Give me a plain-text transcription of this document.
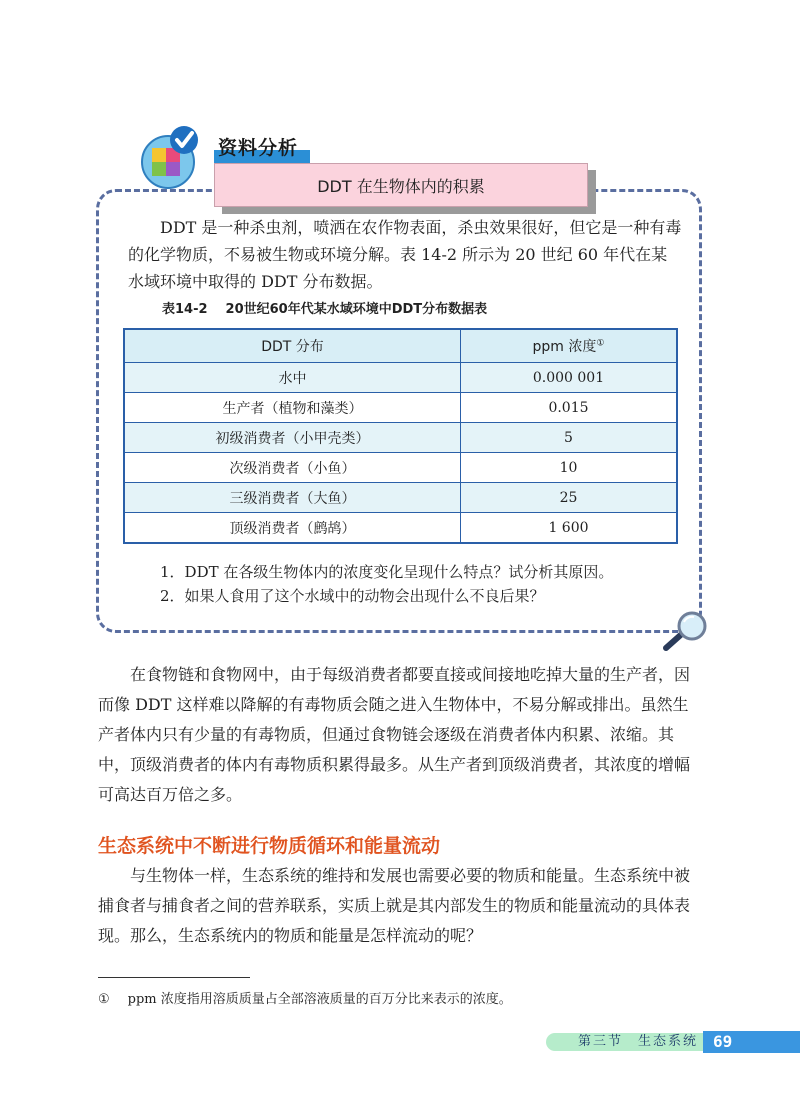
资料分析
DDT 在生物体内的积累

DDT 是一种杀虫剂，喷洒在农作物表面，杀虫效果很好，但它是一种有毒的化学物质，不易被生物或环境分解。表 14-2 所示为 20 世纪 60 年代在某水域环境中取得的 DDT 分布数据。

表14-2 20世纪60年代某水域环境中DDT分布数据表
DDT 分布	ppm 浓度①
水中	0.000 001
生产者（植物和藻类）	0.015
初级消费者（小甲壳类）	5
次级消费者（小鱼）	10
三级消费者（大鱼）	25
顶级消费者（鹧鸪）	1 600
1．DDT 在各级生物体内的浓度变化呈现什么特点？试分析其原因。
2．如果人食用了这个水域中的动物会出现什么不良后果？

在食物链和食物网中，由于每级消费者都要直接或间接地吃掉大量的生产者，因而像 DDT 这样难以降解的有毒物质会随之进入生物体中，不易分解或排出。虽然生产者体内只有少量的有毒物质，但通过食物链会逐级在消费者体内积累、浓缩。其中，顶级消费者的体内有毒物质积累得最多。从生产者到顶级消费者，其浓度的增幅可高达百万倍之多。

生态系统中不断进行物质循环和能量流动

与生物体一样，生态系统的维持和发展也需要必要的物质和能量。生态系统中被捕食者与捕食者之间的营养联系，实质上就是其内部发生的物质和能量流动的具体表现。那么，生态系统内的物质和能量是怎样流动的呢？

① ppm 浓度指用溶质质量占全部溶液质量的百万分比来表示的浓度。

第三节　生态系统 69
